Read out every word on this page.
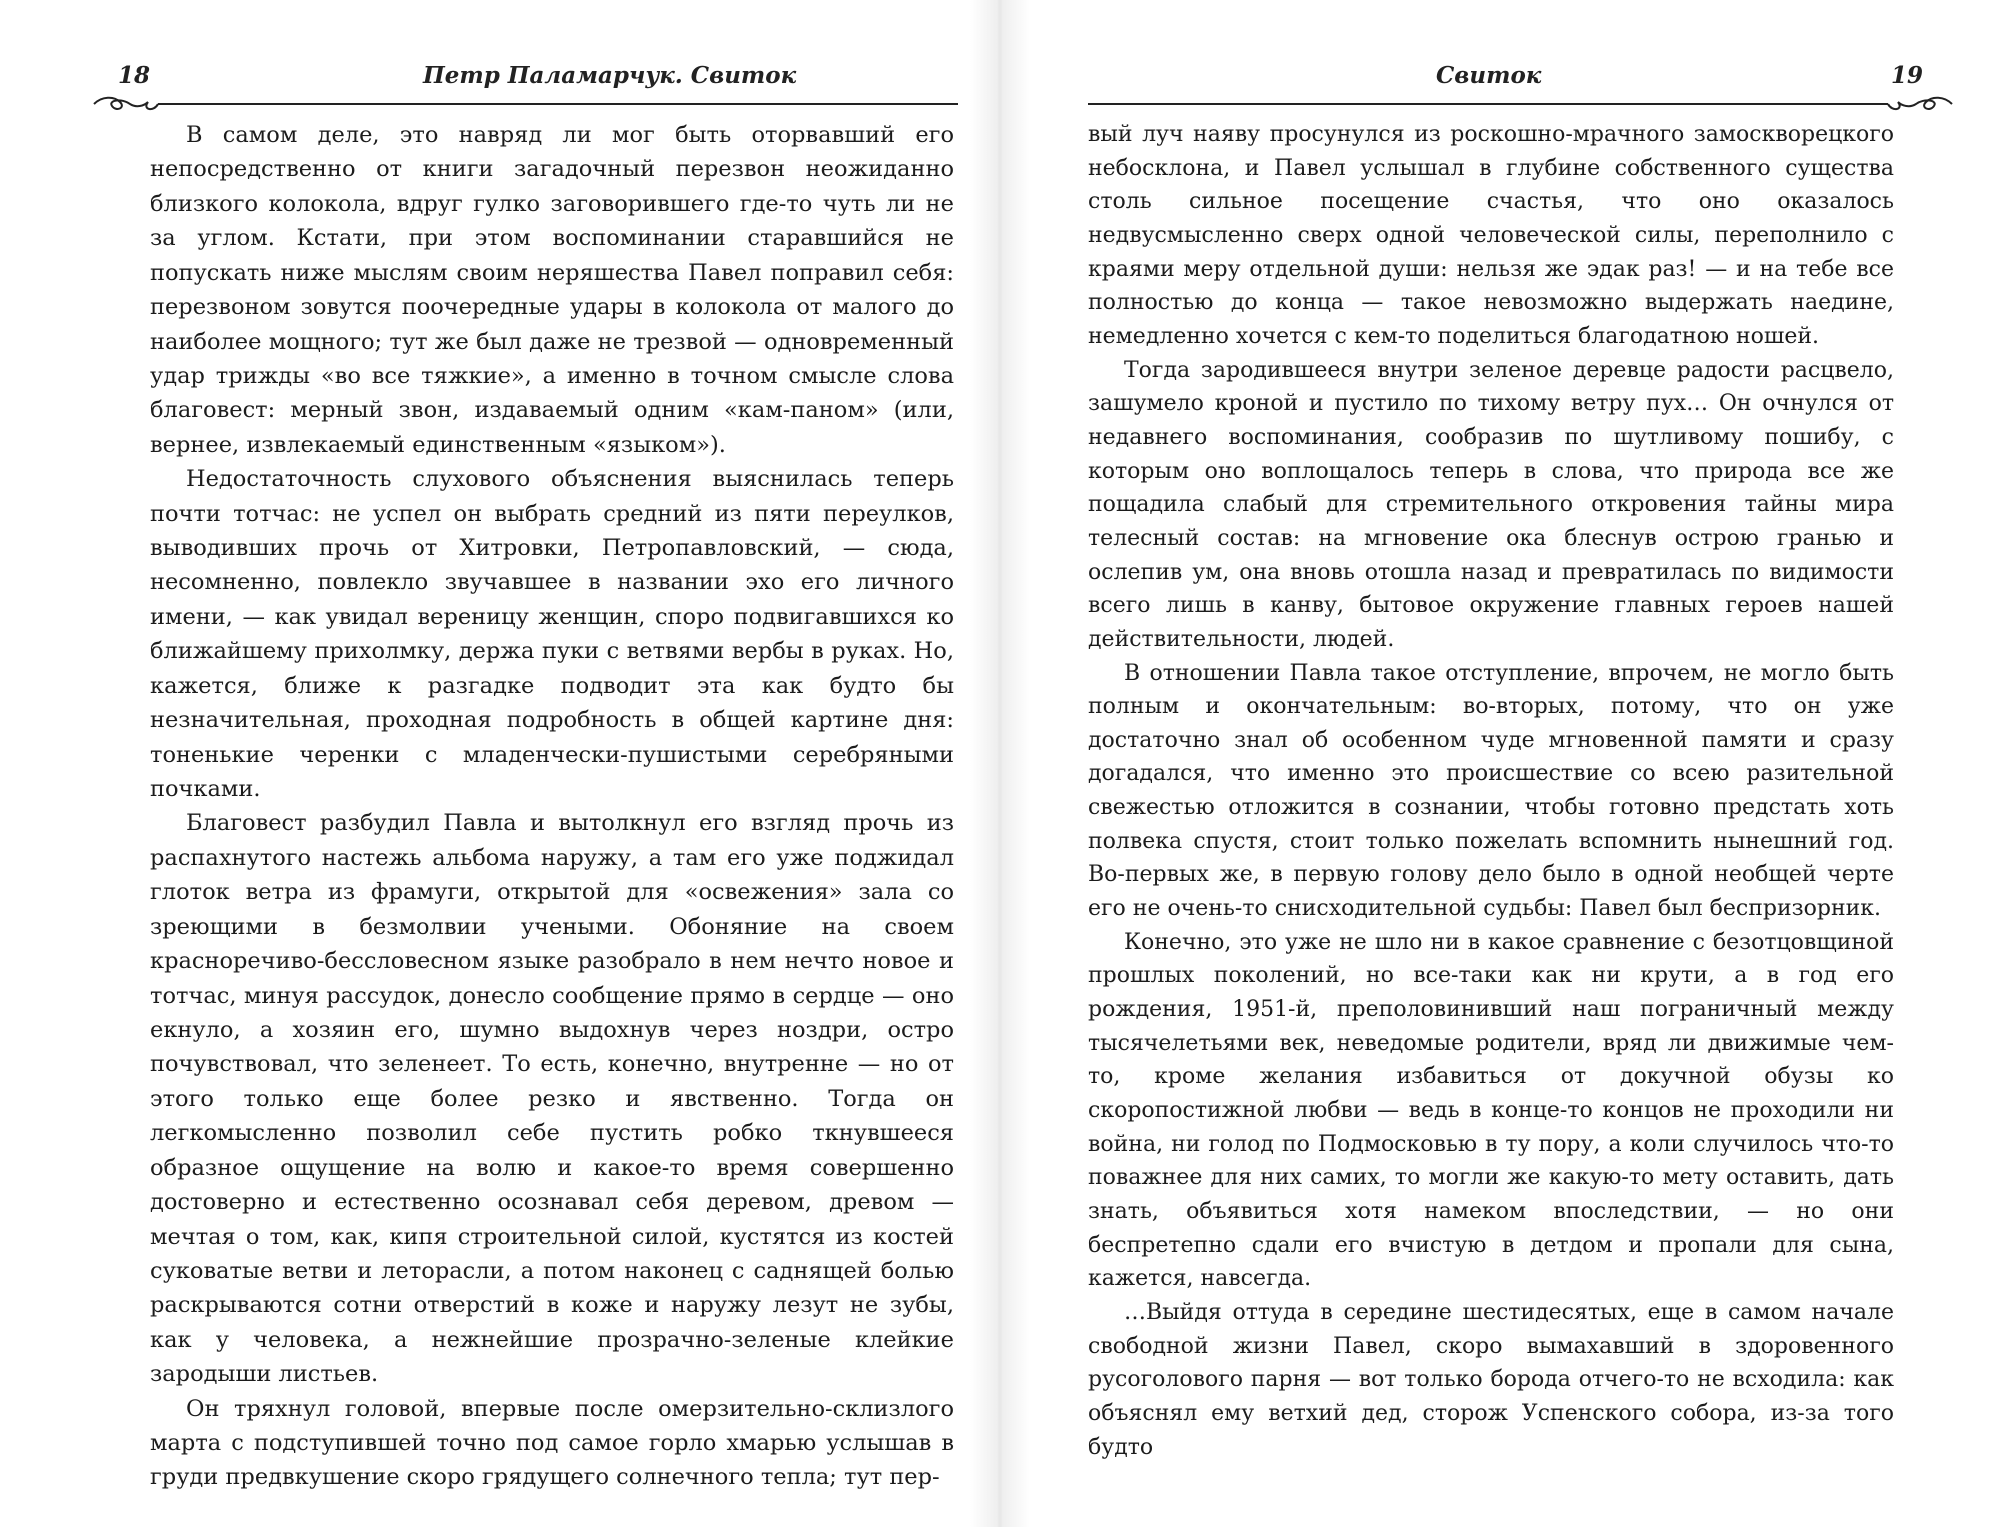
18	Петр Паламарчук. Свиток

В самом деле, это навряд ли мог быть оторвавший его непосредственно от книги загадочный перезвон неожиданно близкого колокола, вдруг гулко заговорившего где-то чуть ли не за углом. Кстати, при этом воспоминании старавшийся не попускать ниже мыслям своим неряшества Павел поправил себя: перезвоном зовутся поочередные удары в колокола от малого до наиболее мощного; тут же был даже не трезвой — одновременный удар трижды «во все тяжкие», а именно в точном смысле слова благовест: мерный звон, издаваемый одним «кам-паном» (или, вернее, извлекаемый единственным «языком»).

Недостаточность слухового объяснения выяснилась теперь почти тотчас: не успел он выбрать средний из пяти переулков, выводивших прочь от Хитровки, Петропавловский, — сюда, несомненно, повлекло звучавшее в названии эхо его личного имени, — как увидал вереницу женщин, споро подвигавшихся ко ближайшему прихолмку, держа пуки с ветвями вербы в руках. Но, кажется, ближе к разгадке подводит эта как будто бы незначительная, проходная подробность в общей картине дня: тоненькие черенки с младенчески-пушистыми серебряными почками.

Благовест разбудил Павла и вытолкнул его взгляд прочь из распахнутого настежь альбома наружу, а там его уже поджидал глоток ветра из фрамуги, открытой для «освежения» зала со зреющими в безмолвии учеными. Обоняние на своем красноречиво-бессловесном языке разобрало в нем нечто новое и тотчас, минуя рассудок, донесло сообщение прямо в сердце — оно екнуло, а хозяин его, шумно выдохнув через ноздри, остро почувствовал, что зеленеет. То есть, конечно, внутренне — но от этого только еще более резко и явственно. Тогда он легкомысленно позволил себе пустить робко ткнувшееся образное ощущение на волю и какое-то время совершенно достоверно и естественно осознавал себя деревом, древом — мечтая о том, как, кипя строительной силой, кустятся из костей суковатые ветви и леторасли, а потом наконец с саднящей болью раскрываются сотни отверстий в коже и наружу лезут не зубы, как у человека, а нежнейшие прозрачно-зеленые клейкие зародыши листьев.

Он тряхнул головой, впервые после омерзительно-склизлого марта с подступившей точно под самое горло хмарью услышав в груди предвкушение скоро грядущего солнечного тепла; тут пер-

Свиток	19

вый луч наяву просунулся из роскошно-мрачного замоскворецкого небосклона, и Павел услышал в глубине собственного существа столь сильное посещение счастья, что оно оказалось недвусмысленно сверх одной человеческой силы, переполнило с краями меру отдельной души: нельзя же эдак раз! — и на тебе все полностью до конца — такое невозможно выдержать наедине, немедленно хочется с кем-то поделиться благодатною ношей.

Тогда зародившееся внутри зеленое деревце радости расцвело, зашумело кроной и пустило по тихому ветру пух… Он очнулся от недавнего воспоминания, сообразив по шутливому пошибу, с которым оно воплощалось теперь в слова, что природа все же пощадила слабый для стремительного откровения тайны мира телесный состав: на мгновение ока блеснув острою гранью и ослепив ум, она вновь отошла назад и превратилась по видимости всего лишь в канву, бытовое окружение главных героев нашей действительности, людей.

В отношении Павла такое отступление, впрочем, не могло быть полным и окончательным: во-вторых, потому, что он уже достаточно знал об особенном чуде мгновенной памяти и сразу догадался, что именно это происшествие со всею разительной свежестью отложится в сознании, чтобы готовно предстать хоть полвека спустя, стоит только пожелать вспомнить нынешний год. Во-первых же, в первую голову дело было в одной необщей черте его не очень-то снисходительной судьбы: Павел был беспризорник.

Конечно, это уже не шло ни в какое сравнение с безотцовщиной прошлых поколений, но все-таки как ни крути, а в год его рождения, 1951-й, преполовинивший наш пограничный между тысячелетьями век, неведомые родители, вряд ли движимые чем-то, кроме желания избавиться от докучной обузы ко скоропостижной любви — ведь в конце-то концов не проходили ни война, ни голод по Подмосковью в ту пору, а коли случилось что-то поважнее для них самих, то могли же какую-то мету оставить, дать знать, объявиться хотя намеком впоследствии, — но они беспретепно сдали его вчистую в детдом и пропали для сына, кажется, навсегда.

…Выйдя оттуда в середине шестидесятых, еще в самом начале свободной жизни Павел, скоро вымахавший в здоровенного русоголового парня — вот только борода отчего-то не всходила: как объяснял ему ветхий дед, сторож Успенского собора, из-за того будто
